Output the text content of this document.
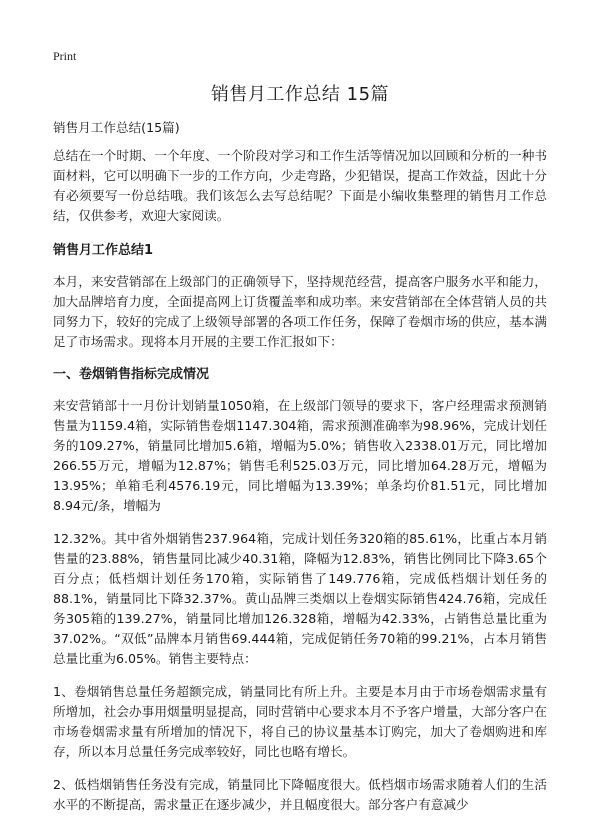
Print

销售月工作总结 15篇

销售月工作总结(15篇)

总结在一个时期、一个年度、一个阶段对学习和工作生活等情况加以回顾和分析的一种书面材料，它可以明确下一步的工作方向，少走弯路，少犯错误，提高工作效益，因此十分有必须要写一份总结哦。我们该怎么去写总结呢？下面是小编收集整理的销售月工作总结，仅供参考，欢迎大家阅读。

销售月工作总结1

本月，来安营销部在上级部门的正确领导下，坚持规范经营，提高客户服务水平和能力，加大品牌培育力度，全面提高网上订货覆盖率和成功率。来安营销部在全体营销人员的共同努力下，较好的完成了上级领导部署的各项工作任务，保障了卷烟市场的供应，基本满足了市场需求。现将本月开展的主要工作汇报如下：

一、卷烟销售指标完成情况

来安营销部十一月份计划销量1050箱，在上级部门领导的要求下，客户经理需求预测销售量为1159.4箱，实际销售卷烟1147.304箱，需求预测准确率为98.96%，完成计划任务的109.27%，销量同比增加5.6箱，增幅为5.0%；销售收入2338.01万元，同比增加266.55万元，增幅为12.87%；销售毛利525.03万元，同比增加64.28万元，增幅为13.95%；单箱毛利4576.19元，同比增幅为13.39%；单条均价81.51元，同比增加8.94元/条，增幅为

12.32%。其中省外烟销售237.964箱，完成计划任务320箱的85.61%，比重占本月销售量的23.88%，销售量同比减少40.31箱，降幅为12.83%，销售比例同比下降3.65个百分点；低档烟计划任务170箱，实际销售了149.776箱，完成低档烟计划任务的88.1%，销量同比下降32.37%。黄山品牌三类烟以上卷烟实际销售424.76箱，完成任务305箱的139.27%，销量同比增加126.328箱，增幅为42.33%，占销售总量比重为37.02%。“双低”品牌本月销售69.444箱，完成促销任务70箱的99.21%，占本月销售总量比重为6.05%。销售主要特点：

1、卷烟销售总量任务超额完成，销量同比有所上升。主要是本月由于市场卷烟需求量有所增加，社会办事用烟量明显提高，同时营销中心要求本月不予客户增量，大部分客户在市场卷烟需求量有所增加的情况下，将自己的协议量基本订购完，加大了卷烟购进和库存，所以本月总量任务完成率较好，同比也略有增长。

2、低档烟销售任务没有完成，销量同比下降幅度很大。低档烟市场需求随着人们的生活水平的不断提高，需求量正在逐步减少，并且幅度很大。部分客户有意减少
